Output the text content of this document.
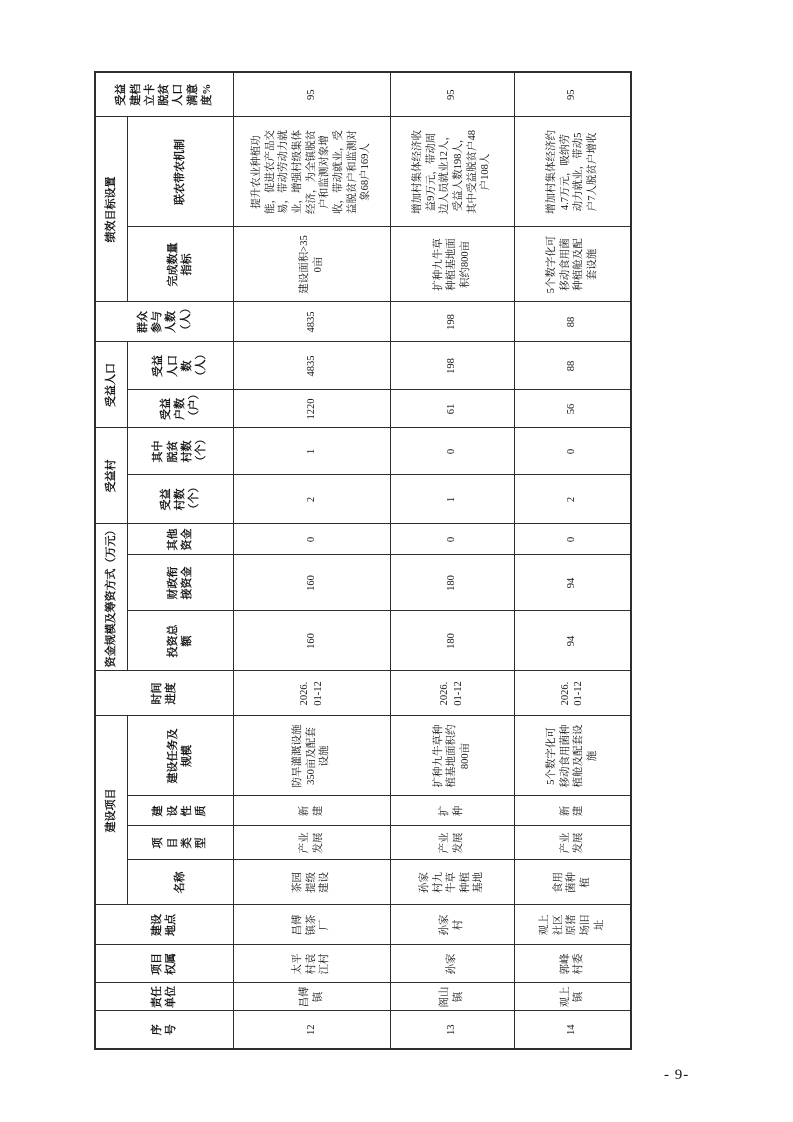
序号	责任单位	项目权属	建设地点	建设项目				时间进度	资金规模及筹资方式（万元）			受益村		受益人口		群众参与人数（人）	绩效目标设置		受益建档立卡脱贫人口满意度%
				名称	项目类型	建设性质	建设任务及规模		投资总额	财政衔接资金	其他资金	受益村数（个）	其中脱贫村数（个）	受益户数（户）	受益人口数（人）		完成数量指标	联农带农机制	
12	昌傅镇	太平村袁江村	昌傅镇茶厂	茶园提级建设	产业发展	新建	防旱灌溉设施350亩及配套设施	2026.01-12	160	160	0	2	1	1220	4835	4835	建设面积>350亩	提升农业种植功能，促进农产品交易，带动劳动力就业，增强村级集体经济，为全镇脱贫户和监测对象增收，带动就业，受益脱贫户和监测对象68户169人	95
13	阁山镇	孙家	孙家村	孙家村九牛草种植基地	产业发展	扩种	扩种九牛草种植基地面积约800亩	2026.01-12	180	180	0	1	0	61	198	198	扩种九牛草种植基地面积约800亩	增加村集体经济收益9万元，带动周边人员就业12人，受益人数198人，其中受益脱贫户48户108人	95
14	观上镇	郭峰村委	观上社区原猪场旧址	食用菌种植	产业发展	新建	5个数字化可移动食用菌种植舱及配套设施	2026.01-12	94	94	0	2	0	56	88	88	5个数字化可移动食用菌种植舱及配套设施	增加村集体经济约4.7万元，吸纳劳动力就业，带动5户7人脱贫户增收	95
- 9-
